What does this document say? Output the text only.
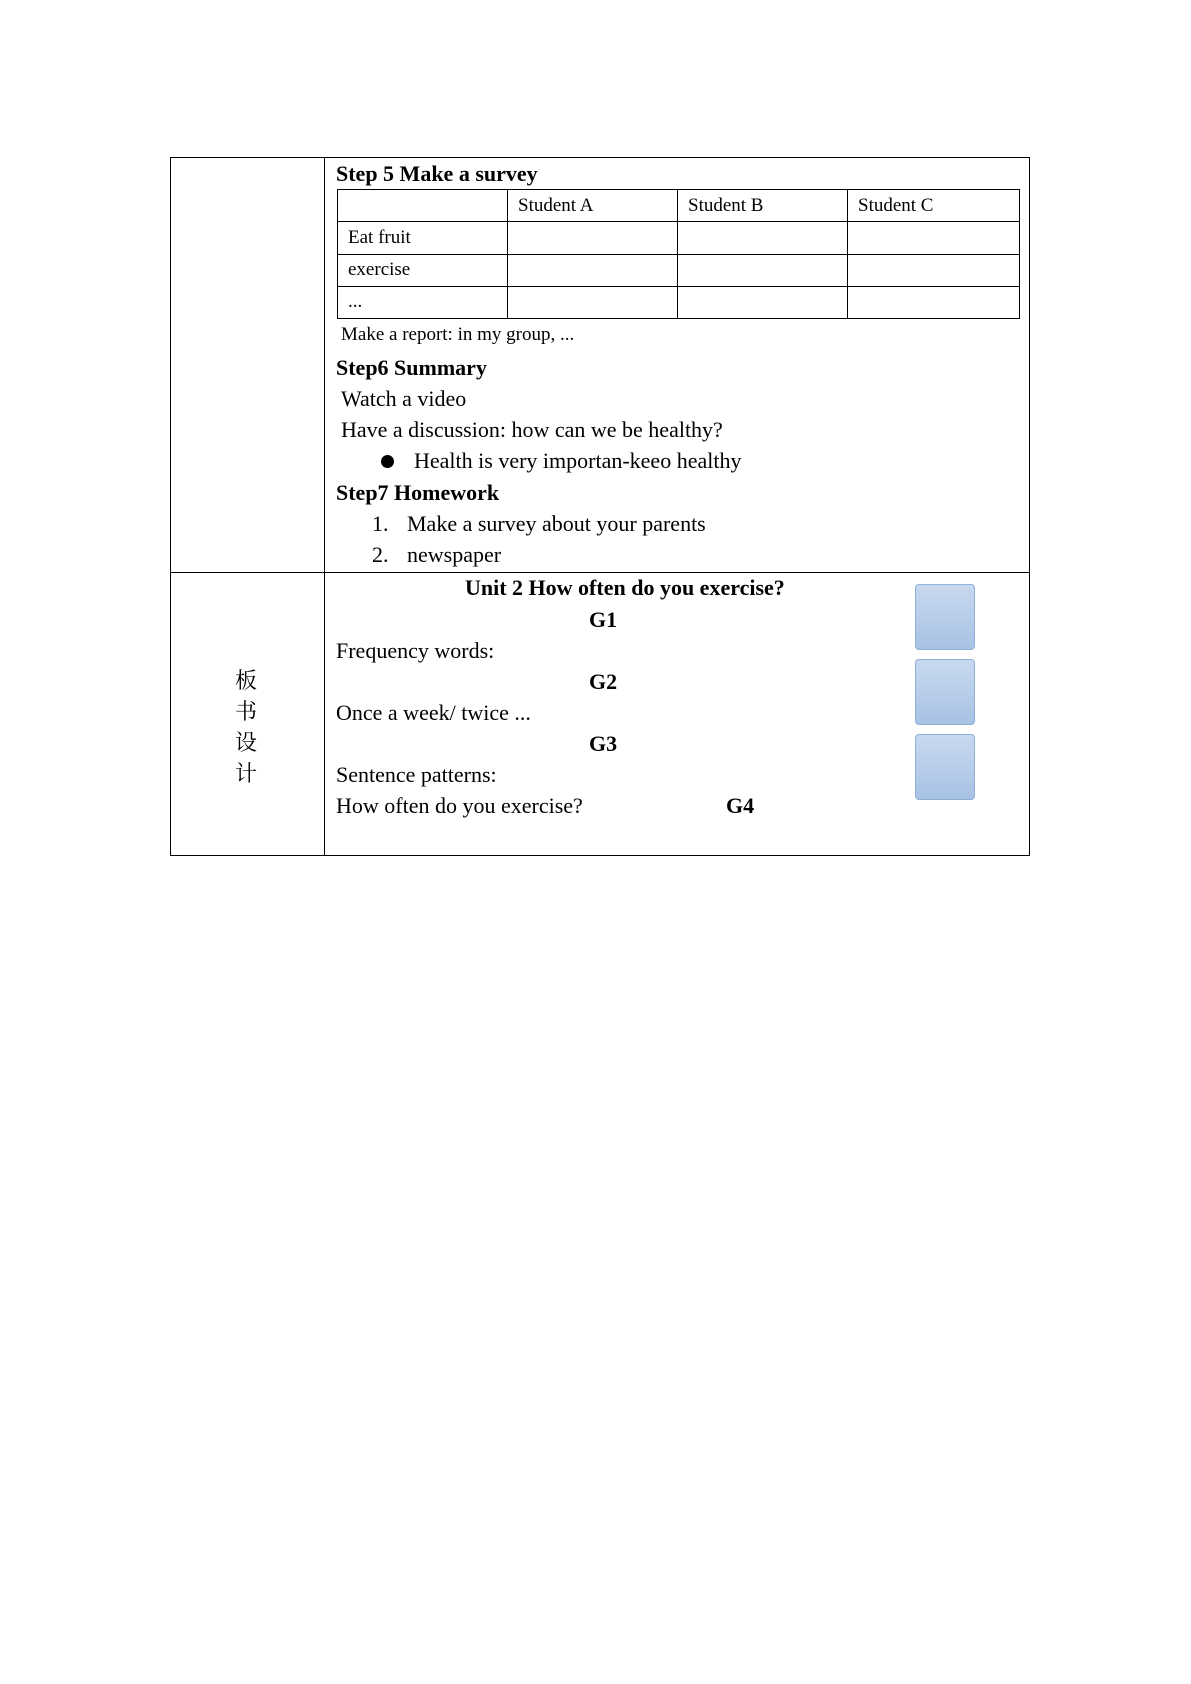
Step 5 Make a survey
	Student A	Student B	Student C
Eat fruit			
exercise			
...			
Make a report: in my group, ...
Step6 Summary
Watch a video
Have a discussion: how can we be healthy?
Health is very importan-keeo healthy
Step7 Homework
1. Make a survey about your parents
2. newspaper
板
书
设
计
Unit 2 How often do you exercise?
G1
Frequency words:
G2
Once a week/ twice ...
G3
Sentence patterns:
How often do you exercise?	G4
